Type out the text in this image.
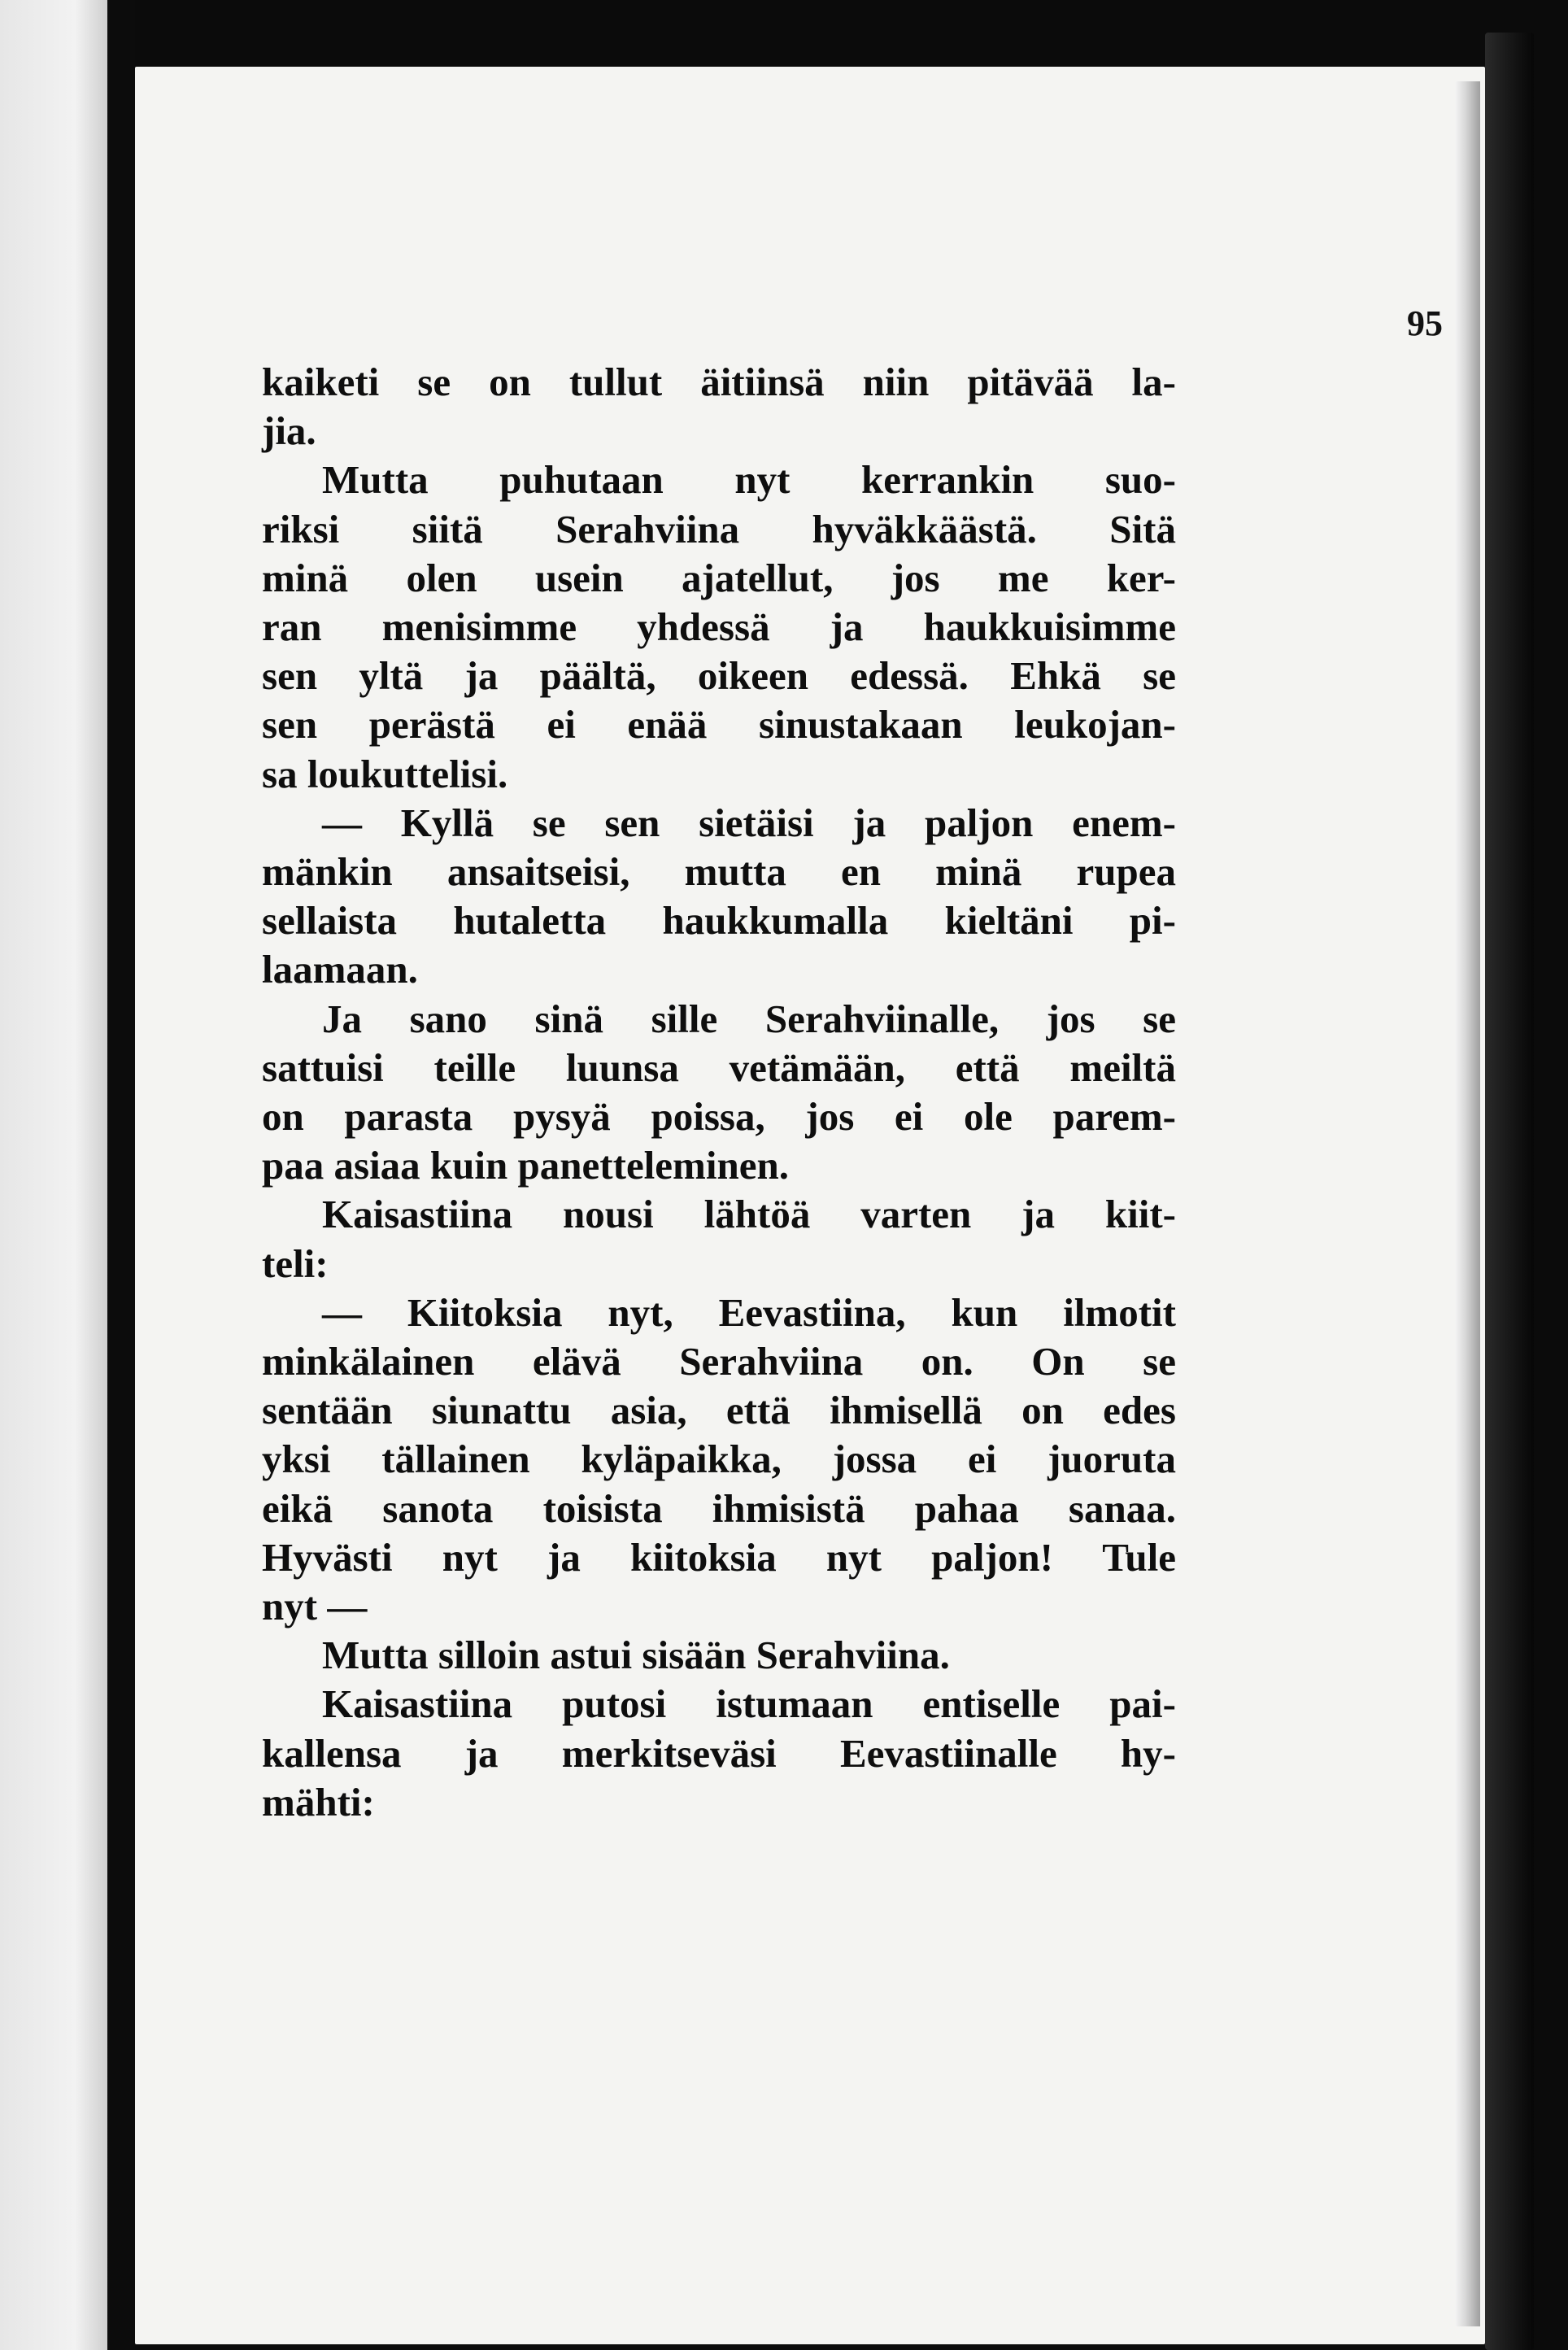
95

kaiketi se on tullut äitiinsä niin pitävää la-
jia.

Mutta puhutaan nyt kerrankin suo-
riksi siitä Serahviina hyväkkäästä. Sitä
minä olen usein ajatellut, jos me ker-
ran menisimme yhdessä ja haukkuisimme
sen yltä ja päältä, oikeen edessä. Ehkä se
sen perästä ei enää sinustakaan leukojan-
sa loukuttelisi.

— Kyllä se sen sietäisi ja paljon enem-
mänkin ansaitseisi, mutta en minä rupea
sellaista hutaletta haukkumalla kieltäni pi-
laamaan.

Ja sano sinä sille Serahviinalle, jos se
sattuisi teille luunsa vetämään, että meiltä
on parasta pysyä poissa, jos ei ole parem-
paa asiaa kuin panetteleminen.

Kaisastiina nousi lähtöä varten ja kiit-
teli:

— Kiitoksia nyt, Eevastiina, kun ilmotit
minkälainen elävä Serahviina on. On se
sentään siunattu asia, että ihmisellä on edes
yksi tällainen kyläpaikka, jossa ei juoruta
eikä sanota toisista ihmisistä pahaa sanaa.
Hyvästi nyt ja kiitoksia nyt paljon! Tule
nyt —

Mutta silloin astui sisään Serahviina.

Kaisastiina putosi istumaan entiselle pai-
kallensa ja merkitseväsi Eevastiinalle hy-
mähti:
